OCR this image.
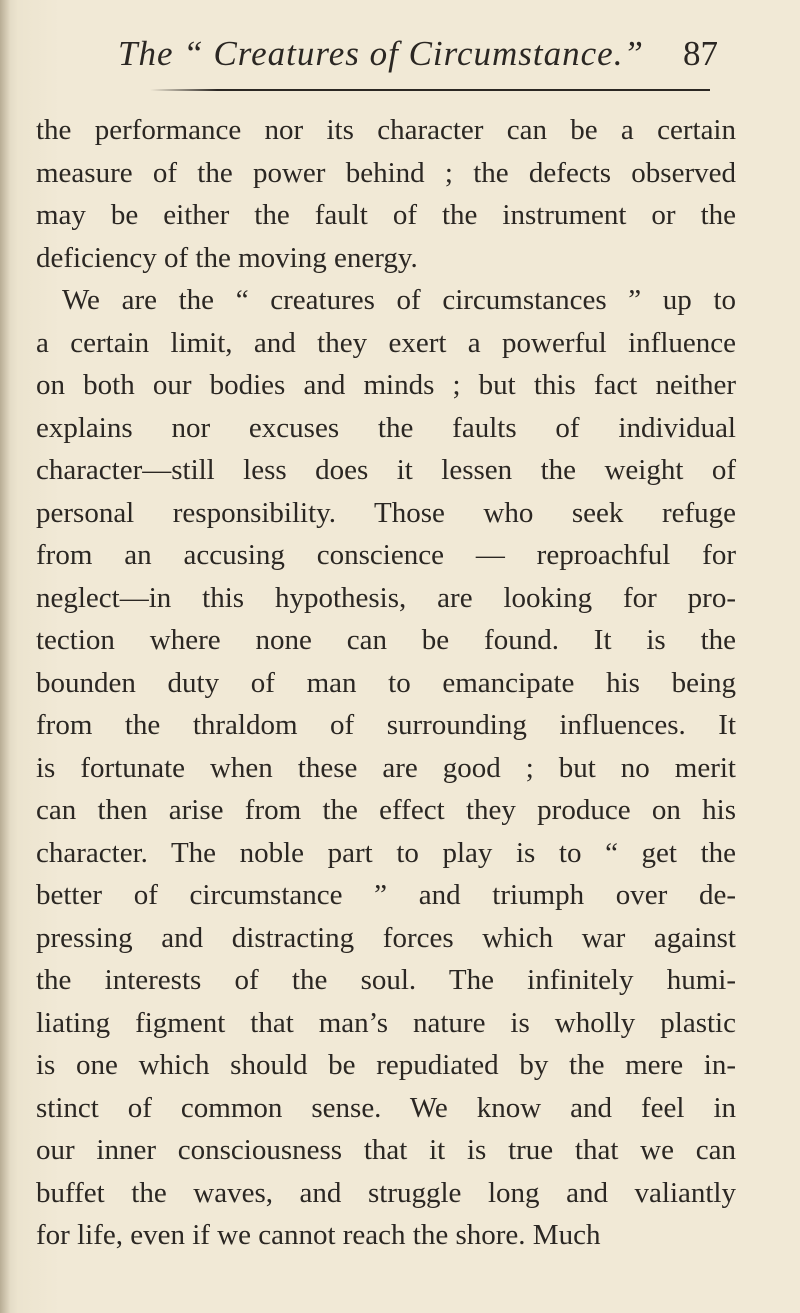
The “ Creatures of Circumstance.” 87
the performance nor its character can be a certain
measure of the power behind ; the defects observed
may be either the fault of the instrument or the
deficiency of the moving energy.
We are the “ creatures of circumstances ” up to
a certain limit, and they exert a powerful influence
on both our bodies and minds ; but this fact neither
explains nor excuses the faults of individual
character—still less does it lessen the weight of
personal responsibility. Those who seek refuge
from an accusing conscience — reproachful for
neglect—in this hypothesis, are looking for pro-
tection where none can be found. It is the
bounden duty of man to emancipate his being
from the thraldom of surrounding influences. It
is fortunate when these are good ; but no merit
can then arise from the effect they produce on his
character. The noble part to play is to “ get the
better of circumstance ” and triumph over de-
pressing and distracting forces which war against
the interests of the soul. The infinitely humi-
liating figment that man’s nature is wholly plastic
is one which should be repudiated by the mere in-
stinct of common sense. We know and feel in
our inner consciousness that it is true that we can
buffet the waves, and struggle long and valiantly
for life, even if we cannot reach the shore. Much
